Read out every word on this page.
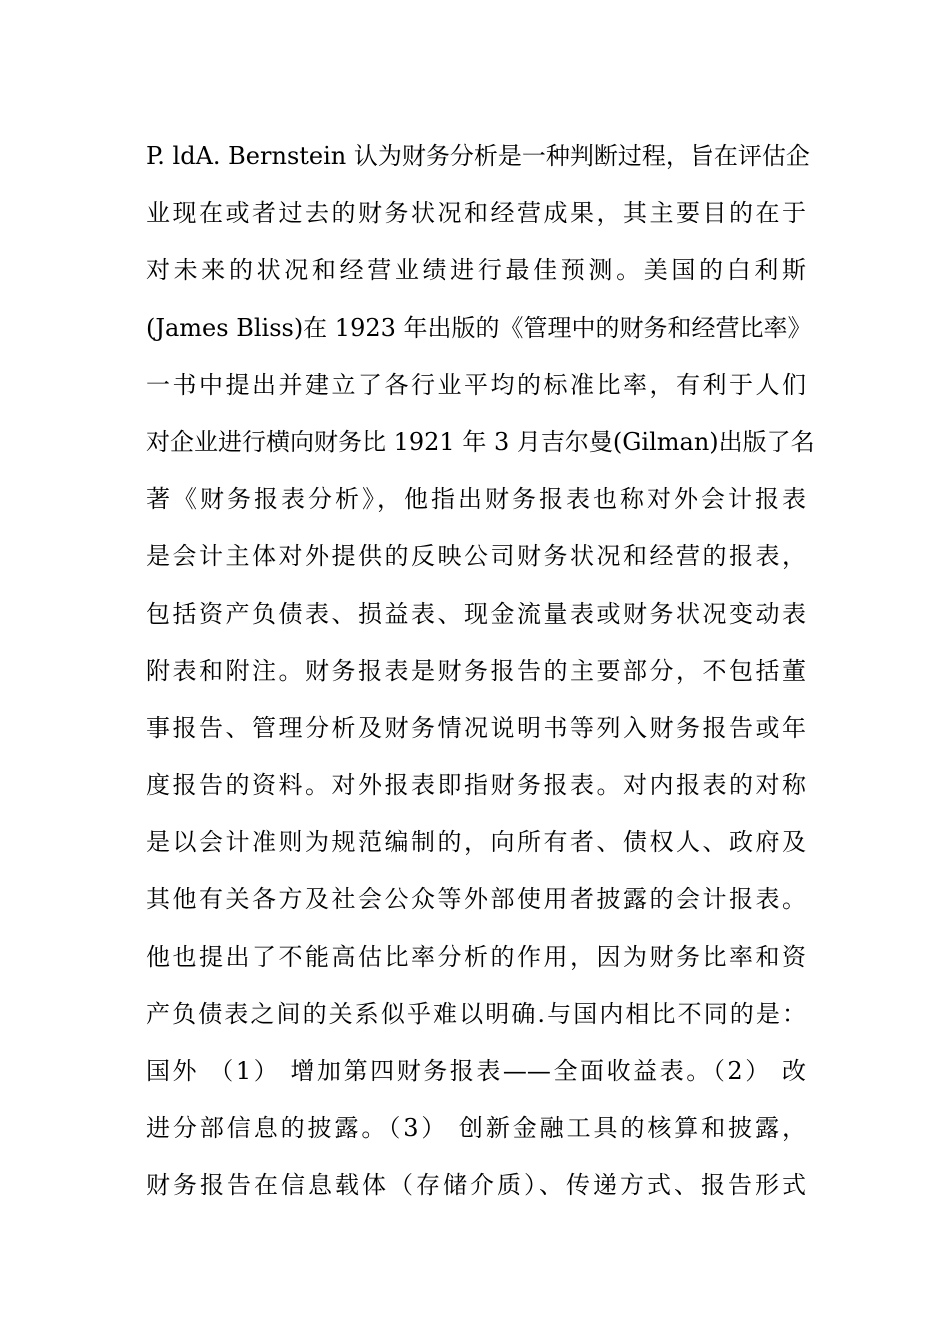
P. ldA. Bernstein 认为财务分析是一种判断过程，旨在评估企
业现在或者过去的财务状况和经营成果，其主要目的在于
对未来的状况和经营业绩进行最佳预测。美国的白利斯
(James Bliss)在 1923 年出版的《管理中的财务和经营比率》
一书中提出并建立了各行业平均的标准比率，有利于人们
对企业进行横向财务比 1921 年 3 月吉尔曼(Gilman)出版了名
著《财务报表分析》，他指出财务报表也称对外会计报表
是会计主体对外提供的反映公司财务状况和经营的报表，
包括资产负债表、损益表、现金流量表或财务状况变动表
附表和附注。财务报表是财务报告的主要部分，不包括董
事报告、管理分析及财务情况说明书等列入财务报告或年
度报告的资料。对外报表即指财务报表。对内报表的对称
是以会计准则为规范编制的，向所有者、债权人、政府及
其他有关各方及社会公众等外部使用者披露的会计报表。
他也提出了不能高估比率分析的作用，因为财务比率和资
产负债表之间的关系似乎难以明确.与国内相比不同的是：
国外 （1） 增加第四财务报表——全面收益表。（2） 改
进分部信息的披露。（3） 创新金融工具的核算和披露，
财务报告在信息载体（存储介质）、传递方式、报告形式
